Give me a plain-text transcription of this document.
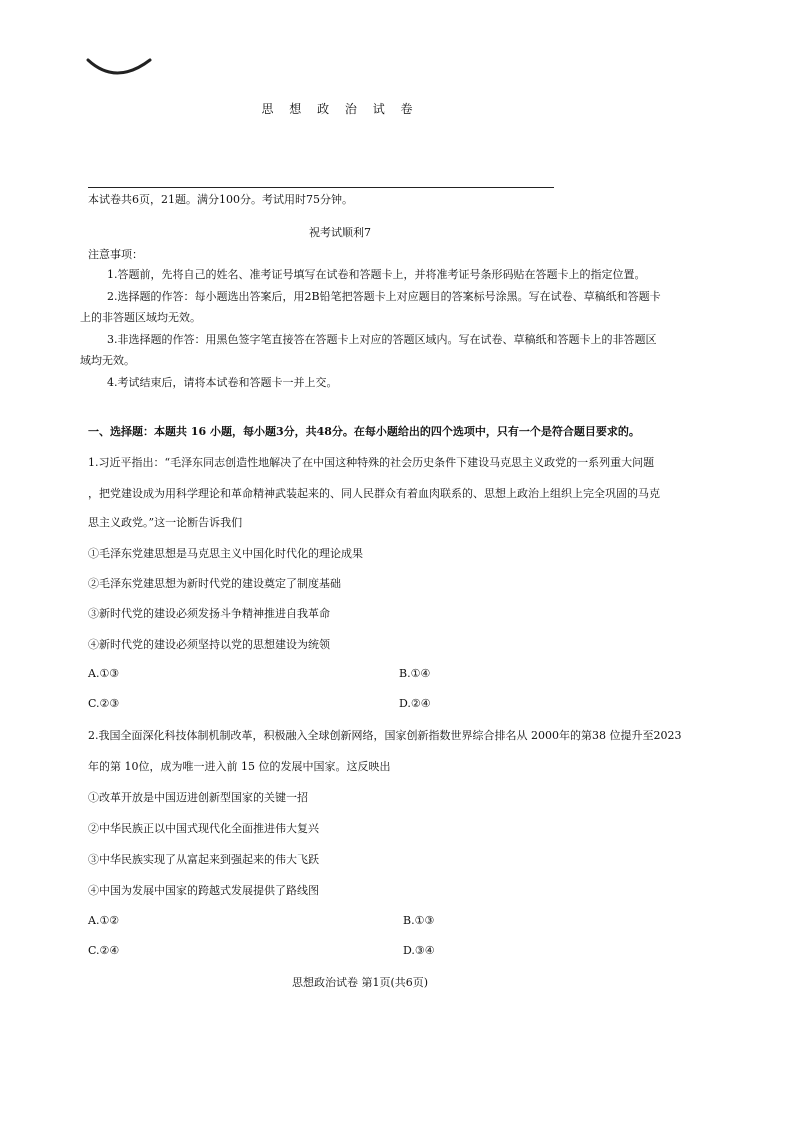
思 想 政 治 试 卷
本试卷共6页，21题。满分100分。考试用时75分钟。
祝考试顺利7
注意事项：
1.答题前，先将自己的姓名、准考证号填写在试卷和答题卡上，并将准考证号条形码贴在答题卡上的指定位置。
2.选择题的作答：每小题选出答案后，用2B铅笔把答题卡上对应题目的答案标号涂黑。写在试卷、草稿纸和答题卡
上的非答题区域均无效。
3.非选择题的作答：用黑色签字笔直接答在答题卡上对应的答题区域内。写在试卷、草稿纸和答题卡上的非答题区
域均无效。
4.考试结束后，请将本试卷和答题卡一并上交。
一、选择题：本题共 16 小题，每小题3分，共48分。在每小题给出的四个选项中，只有一个是符合题目要求的。
1.习近平指出：“毛泽东同志创造性地解决了在中国这种特殊的社会历史条件下建设马克思主义政党的一系列重大问题
，把党建设成为用科学理论和革命精神武装起来的、同人民群众有着血肉联系的、思想上政治上组织上完全巩固的马克
思主义政党。”这一论断告诉我们
①毛泽东党建思想是马克思主义中国化时代化的理论成果
②毛泽东党建思想为新时代党的建设奠定了制度基础
③新时代党的建设必须发扬斗争精神推进自我革命
④新时代党的建设必须坚持以党的思想建设为统领
A.①③	B.①④
C.②③	D.②④
2.我国全面深化科技体制机制改革，积极融入全球创新网络，国家创新指数世界综合排名从 2000年的第38 位提升至2023
年的第 10位，成为唯一进入前 15 位的发展中国家。这反映出
①改革开放是中国迈进创新型国家的关键一招
②中华民族正以中国式现代化全面推进伟大复兴
③中华民族实现了从富起来到强起来的伟大飞跃
④中国为发展中国家的跨越式发展提供了路线图
A.①②	B.①③
C.②④	D.③④
思想政治试卷 第1页(共6页)
